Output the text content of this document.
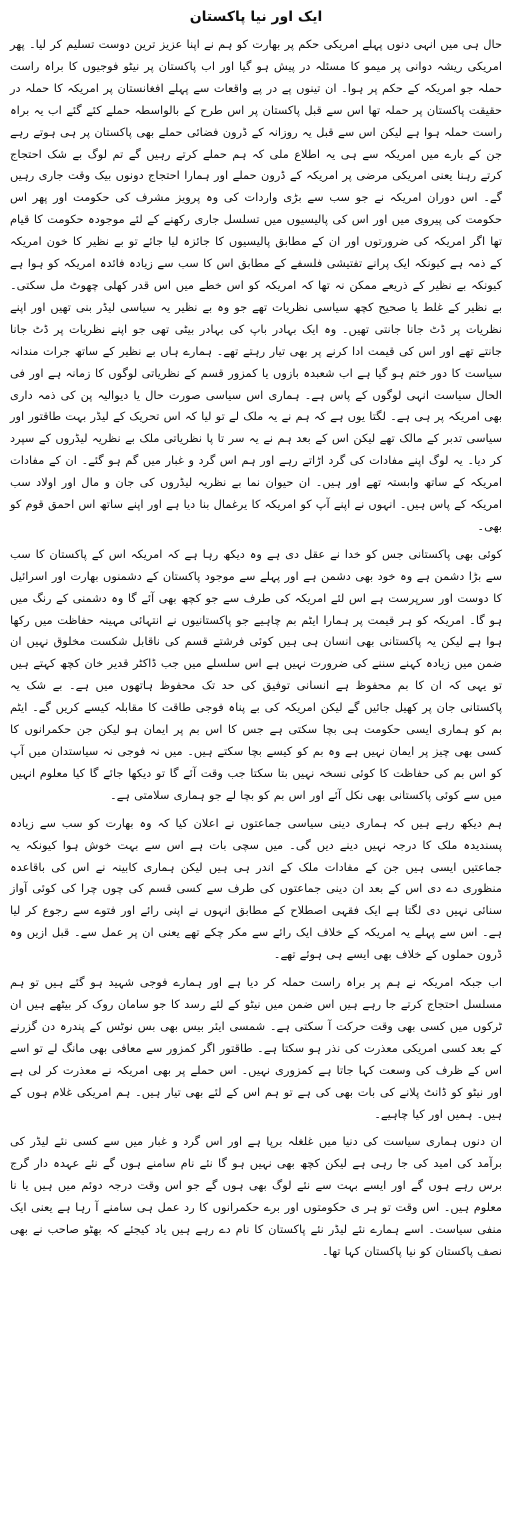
ایک اور نیا پاکستان
حال ہی میں انہی دنوں پہلے امریکی حکم پر بھارت کو ہم نے اپنا عزیز ترین دوست تسلیم کر لیا۔ پھر امریکی ریشہ دوانی پر میمو کا مسئلہ در پیش ہو گیا اور اب پاکستان پر نیٹو فوجیوں کا براہ راست حملہ جو امریکہ کے حکم پر ہوا۔ ان تینوں پے در پے واقعات سے پہلے افغانستان پر امریکہ کا حملہ در حقیقت پاکستان پر حملہ تھا اس سے قبل پاکستان پر اس طرح کے بالواسطہ حملے کئے گئے اب یہ براہ راست حملہ ہوا ہے لیکن اس سے قبل یہ روزانہ کے ڈرون فضائی حملے بھی پاکستان پر ہی ہوتے رہے جن کے بارے میں امریکہ سے ہی یہ اطلاع ملی کہ ہم حملے کرتے رہیں گے تم لوگ بے شک احتجاج کرتے رہنا یعنی امریکی مرضی پر امریکہ کے ڈرون حملے اور ہمارا احتجاج دونوں بیک وقت جاری رہیں گے۔ اس دوران امریکہ نے جو سب سے بڑی واردات کی وہ پرویز مشرف کی حکومت اور پھر اس حکومت کی پیروی میں اور اس کی پالیسیوں میں تسلسل جاری رکھنے کے لئے موجودہ حکومت کا قیام تھا اگر امریکہ کی ضرورتوں اور ان کے مطابق پالیسیوں کا جائزہ لیا جائے تو بے نظیر کا خون امریکہ کے ذمہ ہے کیونکہ ایک پرانے تفتیشی فلسفے کے مطابق اس کا سب سے زیادہ فائدہ امریکہ کو ہوا ہے کیونکہ بے نظیر کے ذریعے ممکن نہ تھا کہ امریکہ کو اس خطے میں اس قدر کھلی چھوٹ مل سکتی۔ بے نظیر کے غلط یا صحیح کچھ سیاسی نظریات تھے جو وہ بے نظیر یہ سیاسی لیڈر بنی تھیں اور اپنے نظریات پر ڈٹ جانا جانتی تھیں۔ وہ ایک بہادر باپ کی بہادر بیٹی تھی جو اپنے نظریات پر ڈٹ جانا جانتے تھے اور اس کی قیمت ادا کرنے پر بھی تیار رہتے تھے۔ ہمارے ہاں بے نظیر کے ساتھ جرات مندانہ سیاست کا دور ختم ہو گیا ہے اب شعبدہ بازوں یا کمزور قسم کے نظریاتی لوگوں کا زمانہ ہے اور فی الحال سیاست انہی لوگوں کے پاس ہے۔ ہماری اس سیاسی صورت حال یا دیوالیہ پن کی ذمہ داری بھی امریکہ پر ہی ہے۔ لگتا یوں ہے کہ ہم نے یہ ملک لے تو لیا کہ اس تحریک کے لیڈر بہت طاقتور اور سیاسی تدبر کے مالک تھے لیکن اس کے بعد ہم نے یہ سر تا پا نظریاتی ملک بے نظریہ لیڈروں کے سپرد کر دیا۔ یہ لوگ اپنے مفادات کی گرد اڑاتے رہے اور ہم اس گرد و غبار میں گم ہو گئے۔ ان کے مفادات امریکہ کے ساتھ وابستہ تھے اور ہیں۔ ان حیوان نما بے نظریہ لیڈروں کی جان و مال اور اولاد سب امریکہ کے پاس ہیں۔ انہوں نے اپنے آپ کو امریکہ کا یرغمال بنا دیا ہے اور اپنے ساتھ اس احمق قوم کو بھی۔
کوئی بھی پاکستانی جس کو خدا نے عقل دی ہے وہ دیکھ رہا ہے کہ امریکہ اس کے پاکستان کا سب سے بڑا دشمن ہے وہ خود بھی دشمن ہے اور پہلے سے موجود پاکستان کے دشمنوں بھارت اور اسرائیل کا دوست اور سرپرست ہے اس لئے امریکہ کی طرف سے جو کچھ بھی آئے گا وہ دشمنی کے رنگ میں ہو گا۔ امریکہ کو ہر قیمت پر ہمارا ایٹم بم چاہیے جو پاکستانیوں نے انتہائی مہینہ حفاظت میں رکھا ہوا ہے لیکن یہ پاکستانی بھی انسان ہی ہیں کوئی فرشتے قسم کی ناقابل شکست مخلوق نہیں ان ضمن میں زیادہ کہنے سننے کی ضرورت نہیں ہے اس سلسلے میں جب ڈاکٹر قدیر خان کچھ کہتے ہیں تو یہی کہ ان کا بم محفوظ ہے انسانی توفیق کی حد تک محفوظ ہاتھوں میں ہے۔ بے شک یہ پاکستانی جان پر کھیل جائیں گے لیکن امریکہ کی بے پناہ فوجی طاقت کا مقابلہ کیسے کریں گے۔ ایٹم بم کو ہماری ایسی حکومت ہی بچا سکتی ہے جس کا اس بم پر ایمان ہو لیکن جن حکمرانوں کا کسی بھی چیز پر ایمان نہیں ہے وہ بم کو کیسے بچا سکتے ہیں۔ میں نہ فوجی نہ سیاستدان میں آپ کو اس بم کی حفاظت کا کوئی نسخہ نہیں بتا سکتا جب وقت آئے گا تو دیکھا جائے گا کیا معلوم انہیں میں سے کوئی پاکستانی بھی نکل آئے اور اس بم کو بچا لے جو ہماری سلامتی ہے۔
ہم دیکھ رہے ہیں کہ ہماری دینی سیاسی جماعتوں نے اعلان کیا کہ وہ بھارت کو سب سے زیادہ پسندیدہ ملک کا درجہ نہیں دینے دیں گی۔ میں سچی بات ہے اس سے بہت خوش ہوا کیونکہ یہ جماعتیں ایسی ہیں جن کے مفادات ملک کے اندر ہی ہیں لیکن ہماری کابینہ نے اس کی باقاعدہ منظوری دے دی اس کے بعد ان دینی جماعتوں کی طرف سے کسی قسم کی چوں چرا کی کوئی آواز سنائی نہیں دی لگتا ہے ایک فقہی اصطلاح کے مطابق انہوں نے اپنی رائے اور فتوے سے رجوع کر لیا ہے۔ اس سے پہلے یہ امریکہ کے خلاف ایک رائے سے مکر چکے تھے یعنی ان پر عمل سے۔ قبل ازیں وہ ڈرون حملوں کے خلاف بھی ایسے ہی ہوئے تھے۔
اب جبکہ امریکہ نے ہم پر براہ راست حملہ کر دیا ہے اور ہمارے فوجی شہید ہو گئے ہیں تو ہم مسلسل احتجاج کرتے جا رہے ہیں اس ضمن میں نیٹو کے لئے رسد کا جو سامان روک کر بیٹھے ہیں ان ٹرکوں میں کسی بھی وقت حرکت آ سکتی ہے۔ شمسی ایئر بیس بھی بس نوٹس کے پندرہ دن گزرنے کے بعد کسی امریکی معذرت کی نذر ہو سکتا ہے۔ طاقتور اگر کمزور سے معافی بھی مانگ لے تو اسے اس کے ظرف کی وسعت کہا جاتا ہے کمزوری نہیں۔ اس حملے پر بھی امریکہ نے معذرت کر لی ہے اور نیٹو کو ڈانٹ پلانے کی بات بھی کی ہے تو ہم اس کے لئے بھی تیار ہیں۔ ہم امریکی غلام ہوں کے ہیں۔ ہمیں اور کیا چاہیے۔
ان دنوں ہماری سیاست کی دنیا میں غلغلہ برپا ہے اور اس گرد و غبار میں سے کسی نئے لیڈر کی برآمد کی امید کی جا رہی ہے لیکن کچھ بھی نہیں ہو گا نئے نام سامنے ہوں گے نئے عہدہ دار گرج برس رہے ہوں گے اور ایسے بہت سے نئے لوگ بھی ہوں گے جو اس وقت درجہ دوئم میں ہیں یا نا معلوم ہیں۔ اس وقت تو ہر ی حکومتوں اور برے حکمرانوں کا رد عمل ہی سامنے آ رہا ہے یعنی ایک منفی سیاست۔ اسے ہمارے نئے لیڈر نئے پاکستان کا نام دے رہے ہیں یاد کیجئے کہ بھٹو صاحب نے بھی نصف پاکستان کو نیا پاکستان کہا تھا۔
